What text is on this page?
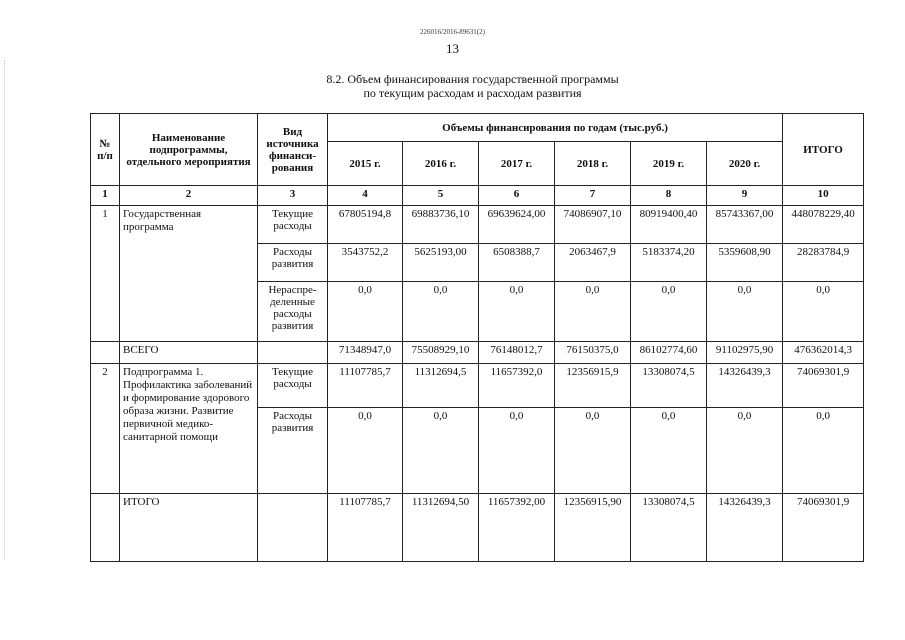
226016/2016-89631(2)
13
8.2. Объем финансирования государственной программы
по текущим расходам и расходам развития
№ п/п	Наименование подпрограммы, отдельного мероприятия	Вид источника финанси-рования	Объемы финансирования по годам (тыс.руб.)						ИТОГО
			2015 г.	2016 г.	2017 г.	2018 г.	2019 г.	2020 г.	
1	2	3	4	5	6	7	8	9	10
1	Государственная программа	Текущие расходы	67805194,8	69883736,10	69639624,00	74086907,10	80919400,40	85743367,00	448078229,40
		Расходы развития	3543752,2	5625193,00	6508388,7	2063467,9	5183374,20	5359608,90	28283784,9
		Нераспре-деленные расходы развития	0,0	0,0	0,0	0,0	0,0	0,0	0,0
	ВСЕГО		71348947,0	75508929,10	76148012,7	76150375,0	86102774,60	91102975,90	476362014,3
2	Подпрограмма 1. Профилактика заболеваний и формирование здорового образа жизни. Развитие первичной медико-санитарной помощи	Текущие расходы	11107785,7	11312694,5	11657392,0	12356915,9	13308074,5	14326439,3	74069301,9
		Расходы развития	0,0	0,0	0,0	0,0	0,0	0,0	0,0
	ИТОГО		11107785,7	11312694,50	11657392,00	12356915,90	13308074,5	14326439,3	74069301,9
